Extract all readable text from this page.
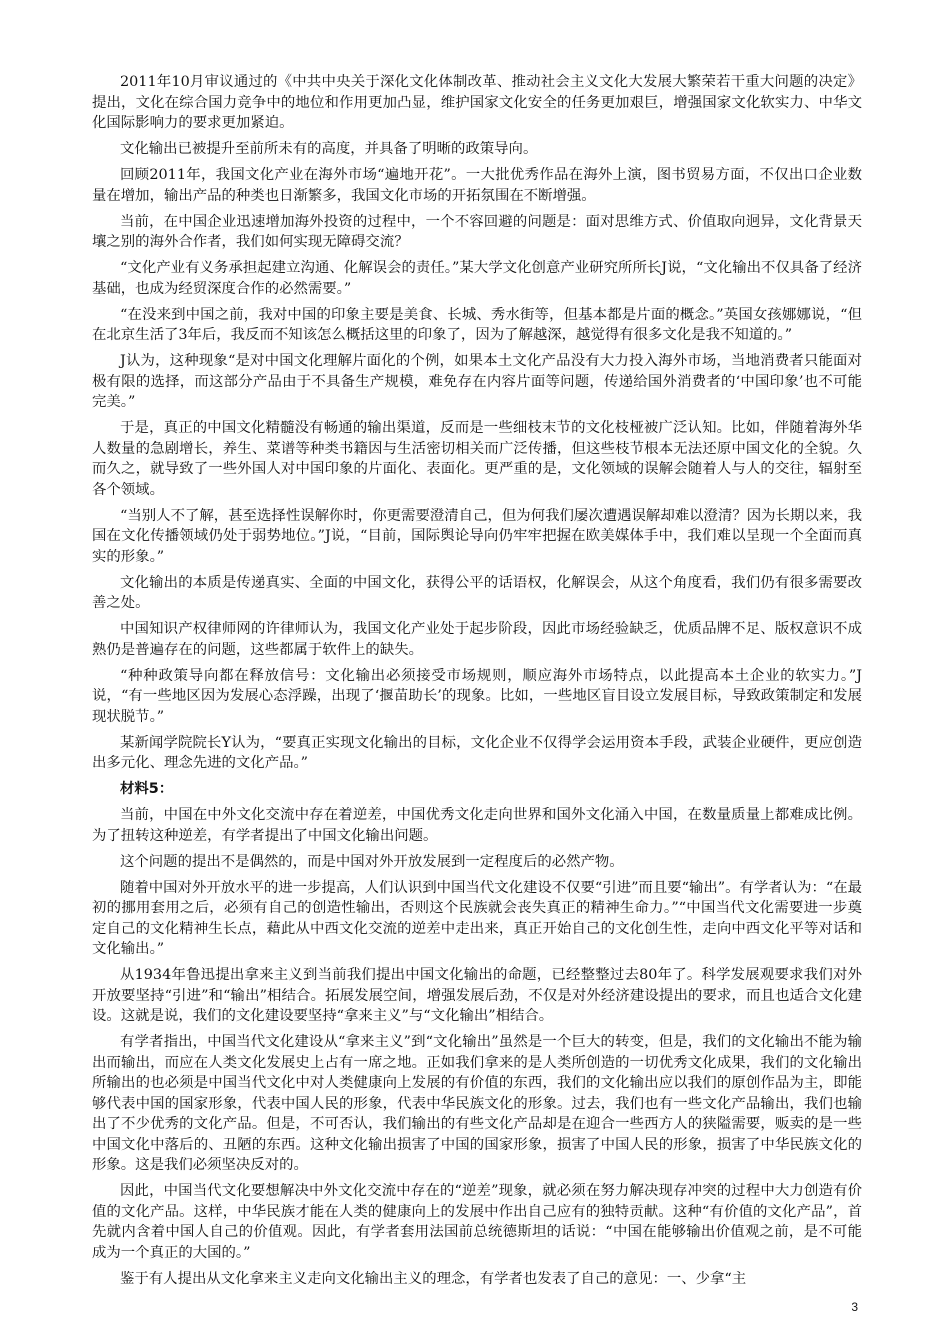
2011年10月审议通过的《中共中央关于深化文化体制改革、推动社会主义文化大发展大繁荣若干重大问题的决定》提出，文化在综合国力竞争中的地位和作用更加凸显，维护国家文化安全的任务更加艰巨，增强国家文化软实力、中华文化国际影响力的要求更加紧迫。

文化输出已被提升至前所未有的高度，并具备了明晰的政策导向。

回顾2011年，我国文化产业在海外市场“遍地开花”。一大批优秀作品在海外上演，图书贸易方面，不仅出口企业数量在增加，输出产品的种类也日渐繁多，我国文化市场的开拓氛围在不断增强。

当前，在中国企业迅速增加海外投资的过程中，一个不容回避的问题是：面对思维方式、价值取向迥异，文化背景天壤之别的海外合作者，我们如何实现无障碍交流？

“文化产业有义务承担起建立沟通、化解误会的责任。”某大学文化创意产业研究所所长J说，“文化输出不仅具备了经济基础，也成为经贸深度合作的必然需要。”

“在没来到中国之前，我对中国的印象主要是美食、长城、秀水街等，但基本都是片面的概念。”英国女孩娜娜说，“但在北京生活了3年后，我反而不知该怎么概括这里的印象了，因为了解越深，越觉得有很多文化是我不知道的。”

J认为，这种现象“是对中国文化理解片面化的个例，如果本土文化产品没有大力投入海外市场，当地消费者只能面对极有限的选择，而这部分产品由于不具备生产规模，难免存在内容片面等问题，传递给国外消费者的‘中国印象’也不可能完美。”

于是，真正的中国文化精髓没有畅通的输出渠道，反而是一些细枝末节的文化枝桠被广泛认知。比如，伴随着海外华人数量的急剧增长，养生、菜谱等种类书籍因与生活密切相关而广泛传播，但这些枝节根本无法还原中国文化的全貌。久而久之，就导致了一些外国人对中国印象的片面化、表面化。更严重的是，文化领域的误解会随着人与人的交往，辐射至各个领域。

“当别人不了解，甚至选择性误解你时，你更需要澄清自己，但为何我们屡次遭遇误解却难以澄清？因为长期以来，我国在文化传播领域仍处于弱势地位。”J说，“目前，国际舆论导向仍牢牢把握在欧美媒体手中，我们难以呈现一个全面而真实的形象。”

文化输出的本质是传递真实、全面的中国文化，获得公平的话语权，化解误会，从这个角度看，我们仍有很多需要改善之处。

中国知识产权律师网的许律师认为，我国文化产业处于起步阶段，因此市场经验缺乏，优质品牌不足、版权意识不成熟仍是普遍存在的问题，这些都属于软件上的缺失。

“种种政策导向都在释放信号：文化输出必须接受市场规则，顺应海外市场特点，以此提高本土企业的软实力。”J说，“有一些地区因为发展心态浮躁，出现了‘揠苗助长’的现象。比如，一些地区盲目设立发展目标，导致政策制定和发展现状脱节。”

某新闻学院院长Y认为，“要真正实现文化输出的目标，文化企业不仅得学会运用资本手段，武装企业硬件，更应创造出多元化、理念先进的文化产品。”

材料5：

当前，中国在中外文化交流中存在着逆差，中国优秀文化走向世界和国外文化涌入中国，在数量质量上都难成比例。为了扭转这种逆差，有学者提出了中国文化输出问题。

这个问题的提出不是偶然的，而是中国对外开放发展到一定程度后的必然产物。

随着中国对外开放水平的进一步提高，人们认识到中国当代文化建设不仅要“引进”而且要“输出”。有学者认为：“在最初的挪用套用之后，必须有自己的创造性输出，否则这个民族就会丧失真正的精神生命力。”“中国当代文化需要进一步奠定自己的文化精神生长点，藉此从中西文化交流的逆差中走出来，真正开始自己的文化创生性，走向中西文化平等对话和文化输出。”

从1934年鲁迅提出拿来主义到当前我们提出中国文化输出的命题，已经整整过去80年了。科学发展观要求我们对外开放要坚持“引进”和“输出”相结合。拓展发展空间，增强发展后劲，不仅是对外经济建设提出的要求，而且也适合文化建设。这就是说，我们的文化建设要坚持“拿来主义”与“文化输出”相结合。

有学者指出，中国当代文化建设从“拿来主义”到“文化输出”虽然是一个巨大的转变，但是，我们的文化输出不能为输出而输出，而应在人类文化发展史上占有一席之地。正如我们拿来的是人类所创造的一切优秀文化成果，我们的文化输出所输出的也必须是中国当代文化中对人类健康向上发展的有价值的东西，我们的文化输出应以我们的原创作品为主，即能够代表中国的国家形象，代表中国人民的形象，代表中华民族文化的形象。过去，我们也有一些文化产品输出，我们也输出了不少优秀的文化产品。但是，不可否认，我们输出的有些文化产品却是在迎合一些西方人的狭隘需要，贩卖的是一些中国文化中落后的、丑陋的东西。这种文化输出损害了中国的国家形象，损害了中国人民的形象，损害了中华民族文化的形象。这是我们必须坚决反对的。

因此，中国当代文化要想解决中外文化交流中存在的“逆差”现象，就必须在努力解决现存冲突的过程中大力创造有价值的文化产品。这样，中华民族才能在人类的健康向上的发展中作出自己应有的独特贡献。这种“有价值的文化产品”，首先就内含着中国人自己的价值观。因此，有学者套用法国前总统德斯坦的话说：“中国在能够输出价值观之前，是不可能成为一个真正的大国的。”

鉴于有人提出从文化拿来主义走向文化输出主义的理念，有学者也发表了自己的意见：一、少拿“主

3
